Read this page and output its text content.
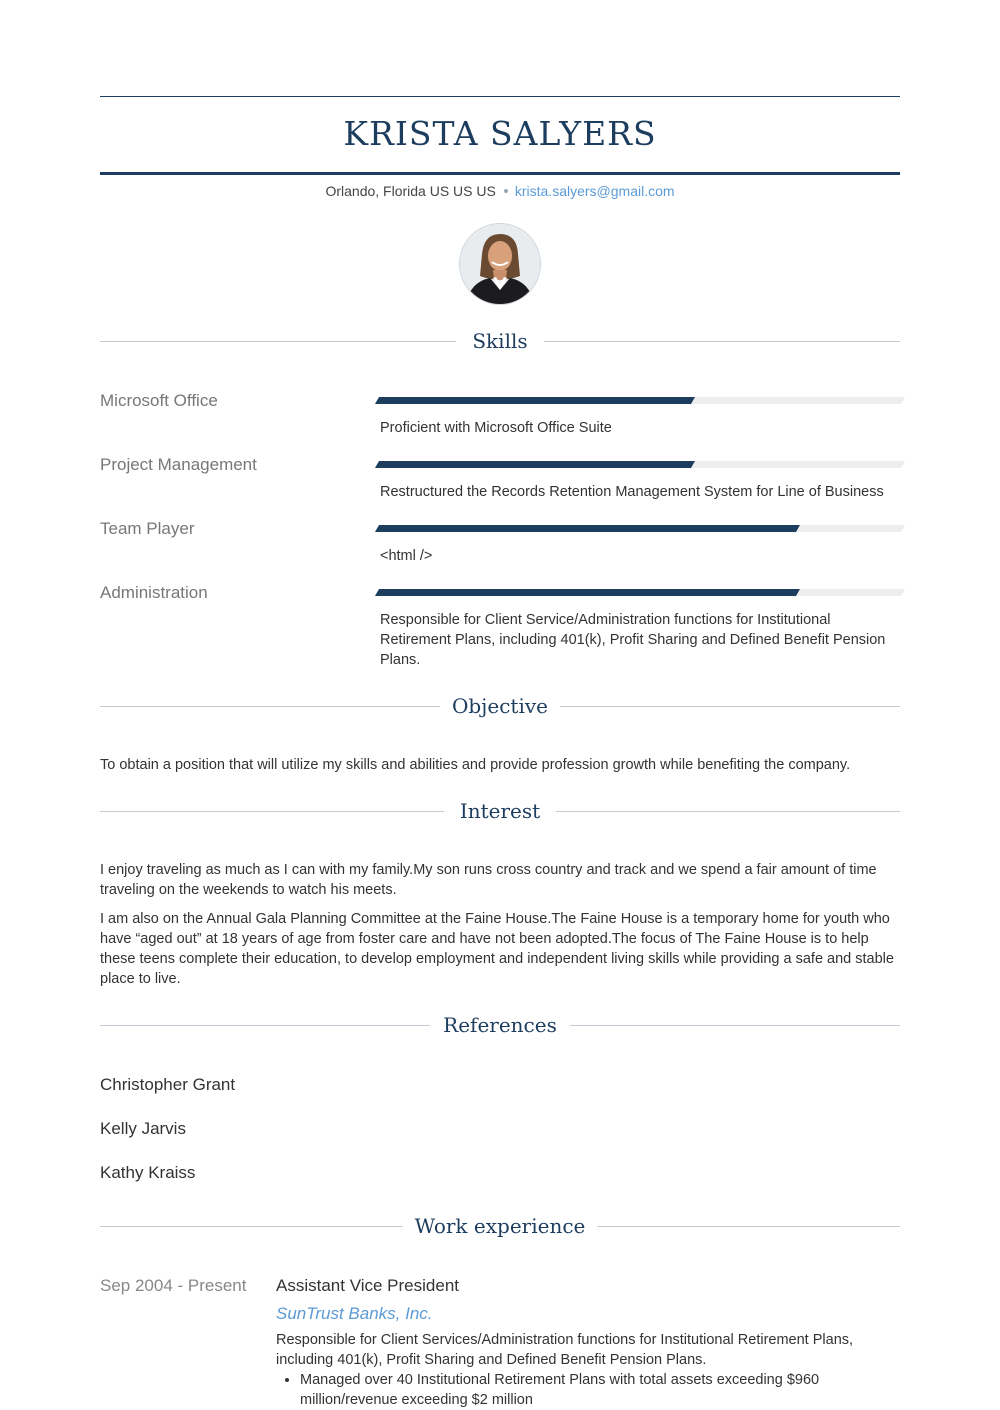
KRISTA SALYERS
Orlando, Florida US US US krista.salyers@gmail.com
Skills
Microsoft Office
Proficient with Microsoft Office Suite
Project Management
Restructured the Records Retention Management System for Line of Business
Team Player
<html />
Administration
Responsible for Client Service/Administration functions for Institutional Retirement Plans, including 401(k), Profit Sharing and Defined Benefit Pension Plans.
Objective

To obtain a position that will utilize my skills and abilities and provide profession growth while benefiting the company.

Interest

I enjoy traveling as much as I can with my family.My son runs cross country and track and we spend a fair amount of time traveling on the weekends to watch his meets.

I am also on the Annual Gala Planning Committee at the Faine House.The Faine House is a temporary home for youth who have “aged out” at 18 years of age from foster care and have not been adopted.The focus of The Faine House is to help these teens complete their education, to develop employment and independent living skills while providing a safe and stable place to live.

References
Christopher Grant
Kelly Jarvis
Kathy Kraiss
Work experience
Sep 2004 - Present Assistant Vice President
SunTrust Banks, Inc.
Responsible for Client Services/Administration functions for Institutional Retirement Plans, including 401(k), Profit Sharing and Defined Benefit Pension Plans.
• Managed over 40 Institutional Retirement Plans with total assets exceeding $960 million/revenue exceeding $2 million
